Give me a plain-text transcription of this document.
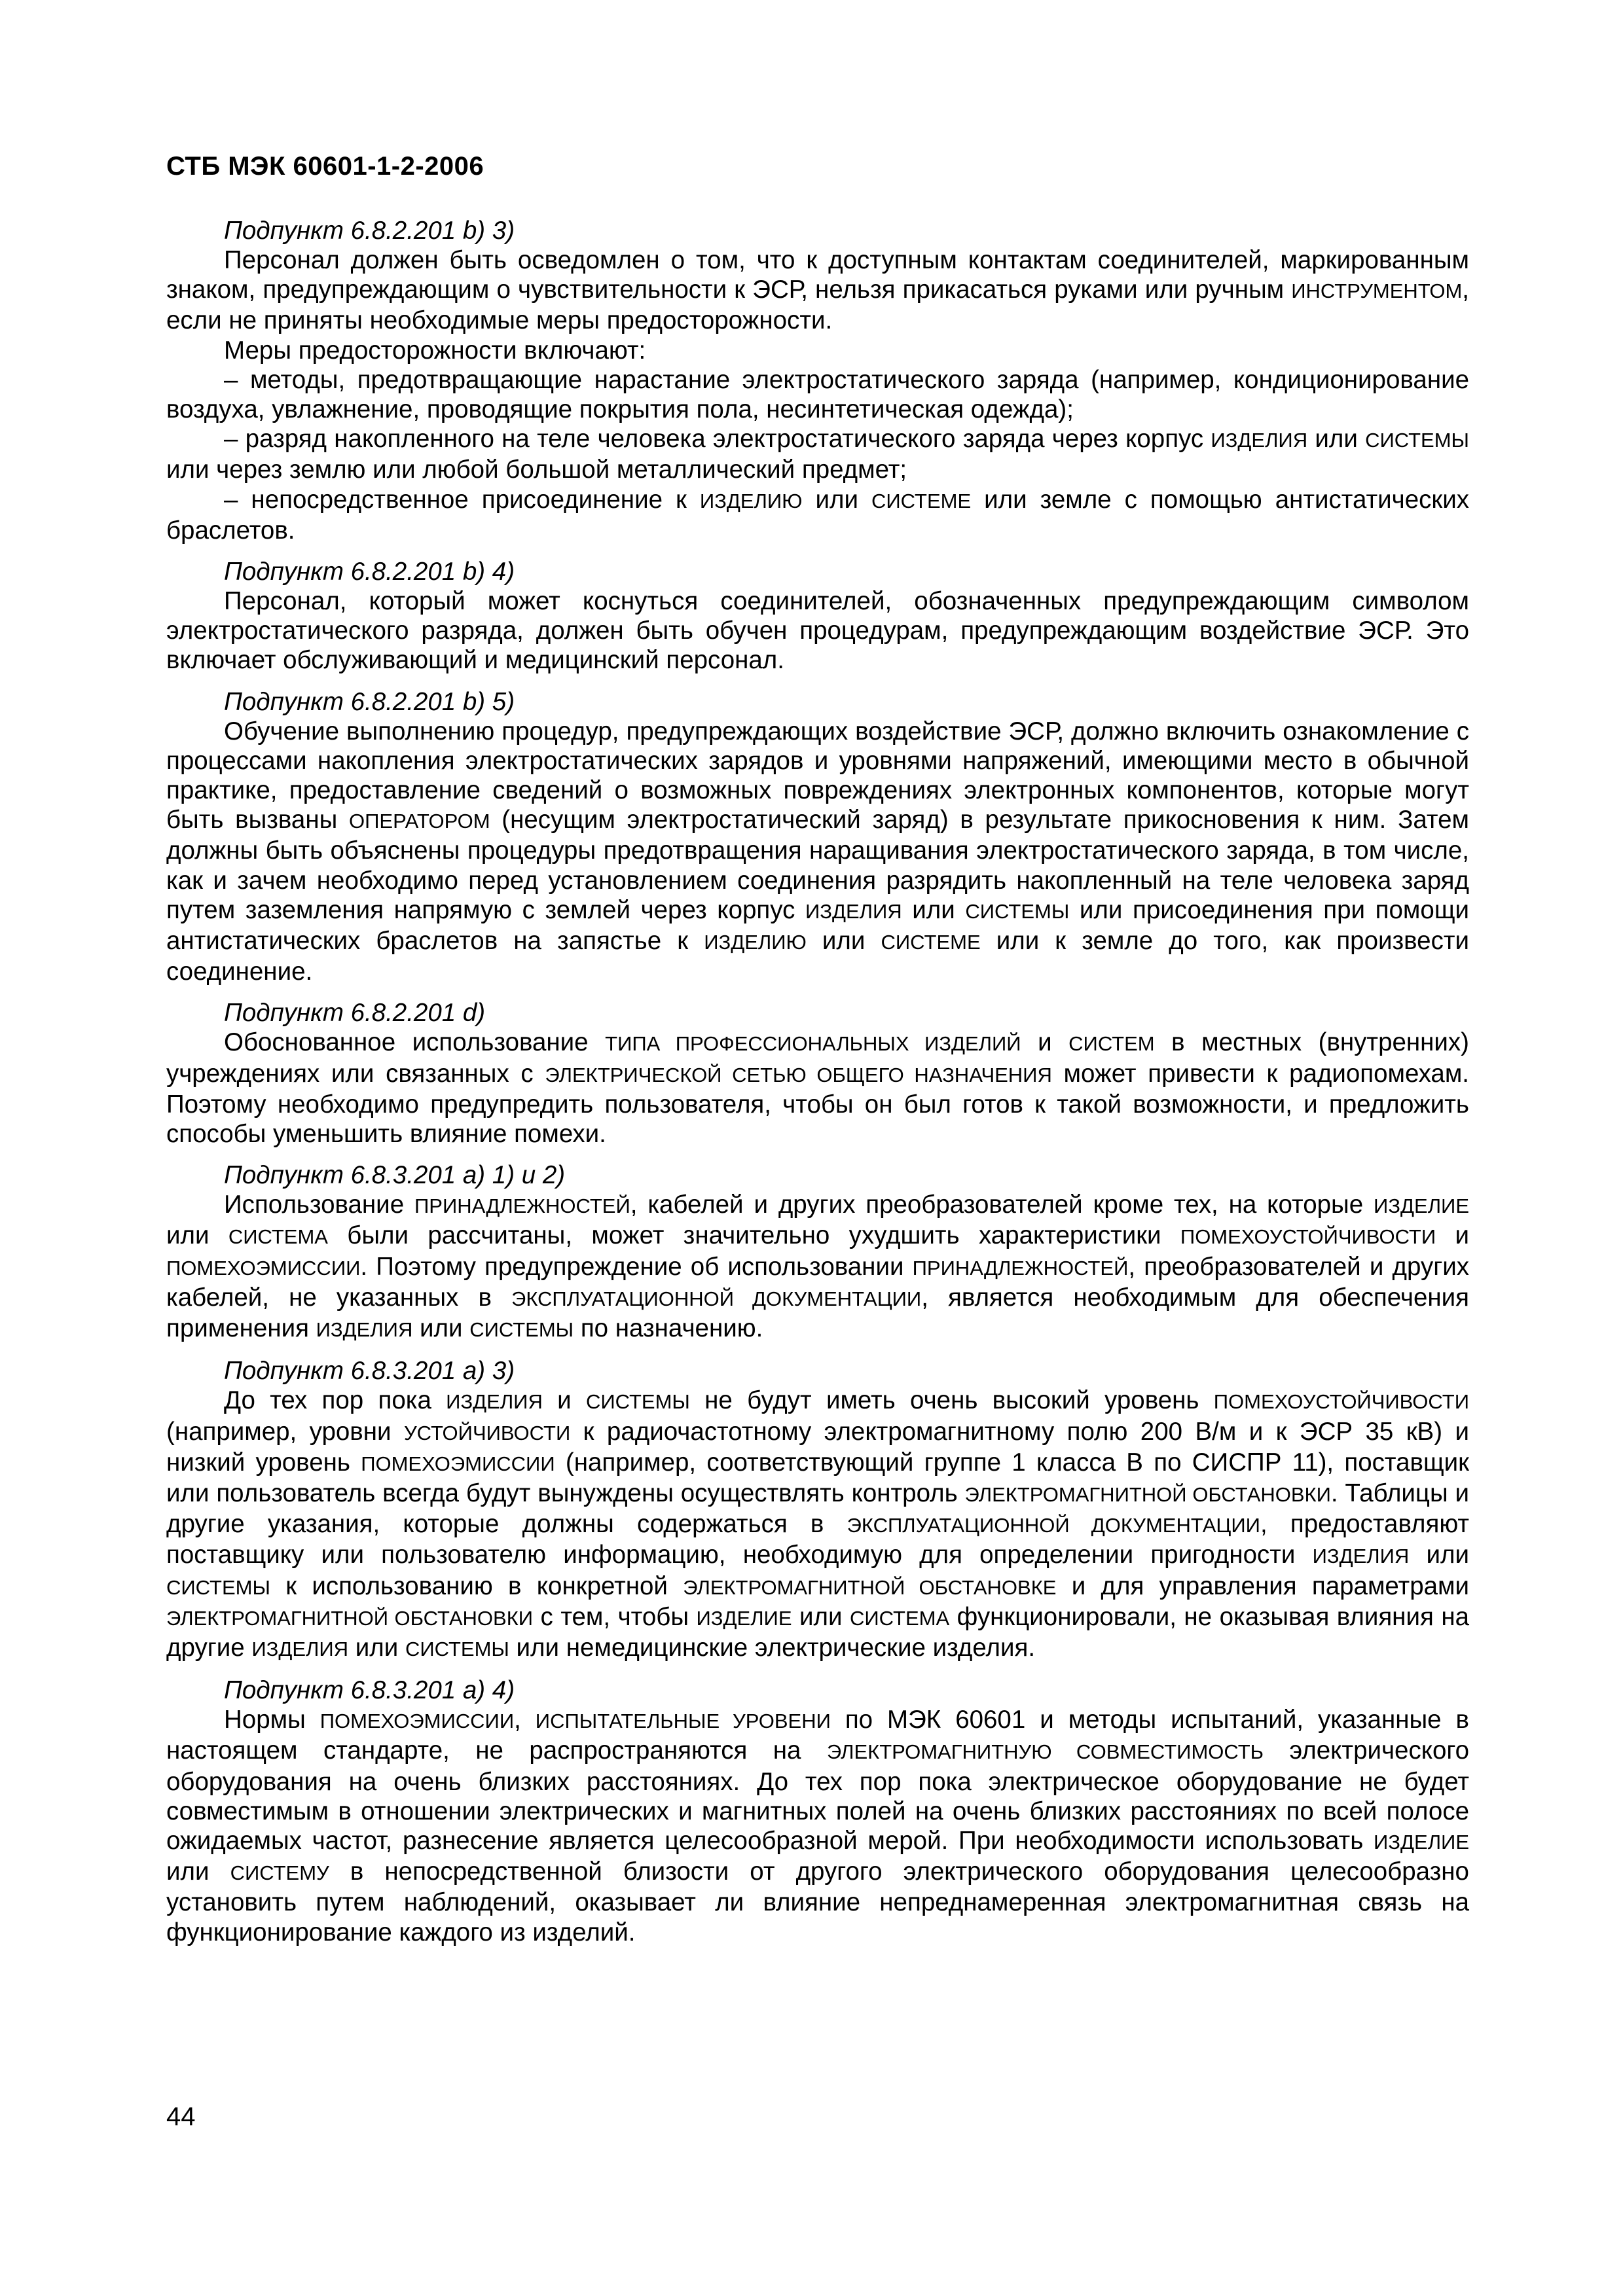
СТБ МЭК 60601-1-2-2006
Подпункт 6.8.2.201 b) 3)

Персонал должен быть осведомлен о том, что к доступным контактам соединителей, маркированным знаком, предупреждающим о чувствительности к ЭСР, нельзя прикасаться руками или ручным ИНСТРУМЕНТОМ, если не приняты необходимые меры предосторожности.

Меры предосторожности включают:

– методы, предотвращающие нарастание электростатического заряда (например, кондиционирование воздуха, увлажнение, проводящие покрытия пола, несинтетическая одежда);

– разряд накопленного на теле человека электростатического заряда через корпус ИЗДЕЛИЯ или СИСТЕМЫ или через землю или любой большой металлический предмет;

– непосредственное присоединение к ИЗДЕЛИЮ или СИСТЕМЕ или земле с помощью антистатических браслетов.

Подпункт 6.8.2.201 b) 4)

Персонал, который может коснуться соединителей, обозначенных предупреждающим символом электростатического разряда, должен быть обучен процедурам, предупреждающим воздействие ЭСР. Это включает обслуживающий и медицинский персонал.

Подпункт 6.8.2.201 b) 5)

Обучение выполнению процедур, предупреждающих воздействие ЭСР, должно включить ознакомление с процессами накопления электростатических зарядов и уровнями напряжений, имеющими место в обычной практике, предоставление сведений о возможных повреждениях электронных компонентов, которые могут быть вызваны ОПЕРАТОРОМ (несущим электростатический заряд) в результате прикосновения к ним. Затем должны быть объяснены процедуры предотвращения наращивания электростатического заряда, в том числе, как и зачем необходимо перед установлением соединения разрядить накопленный на теле человека заряд путем заземления напрямую с землей через корпус ИЗДЕЛИЯ или СИСТЕМЫ или присоединения при помощи антистатических браслетов на запястье к ИЗДЕЛИЮ или СИСТЕМЕ или к земле до того, как произвести соединение.

Подпункт 6.8.2.201 d)

Обоснованное использование ТИПА ПРОФЕССИОНАЛЬНЫХ ИЗДЕЛИЙ и СИСТЕМ в местных (внутренних) учреждениях или связанных с ЭЛЕКТРИЧЕСКОЙ СЕТЬЮ ОБЩЕГО НАЗНАЧЕНИЯ может привести к радиопомехам. Поэтому необходимо предупредить пользователя, чтобы он был готов к такой возможности, и предложить способы уменьшить влияние помехи.

Подпункт 6.8.3.201 a) 1) и 2)

Использование ПРИНАДЛЕЖНОСТЕЙ, кабелей и других преобразователей кроме тех, на которые ИЗДЕЛИЕ или СИСТЕМА были рассчитаны, может значительно ухудшить характеристики ПОМЕХОУСТОЙЧИВОСТИ и ПОМЕХОЭМИССИИ. Поэтому предупреждение об использовании ПРИНАДЛЕЖНОСТЕЙ, преобразователей и других кабелей, не указанных в ЭКСПЛУАТАЦИОННОЙ ДОКУМЕНТАЦИИ, является необходимым для обеспечения применения ИЗДЕЛИЯ или СИСТЕМЫ по назначению.

Подпункт 6.8.3.201 a) 3)

До тех пор пока ИЗДЕЛИЯ и СИСТЕМЫ не будут иметь очень высокий уровень ПОМЕХОУСТОЙЧИВОСТИ (например, уровни УСТОЙЧИВОСТИ к радиочастотному электромагнитному полю 200 В/м и к ЭСР 35 кВ) и низкий уровень ПОМЕХОЭМИССИИ (например, соответствующий группе 1 класса В по СИСПР 11), поставщик или пользователь всегда будут вынуждены осуществлять контроль ЭЛЕКТРОМАГНИТНОЙ ОБСТАНОВКИ. Таблицы и другие указания, которые должны содержаться в ЭКСПЛУАТАЦИОННОЙ ДОКУМЕНТАЦИИ, предоставляют поставщику или пользователю информацию, необходимую для определении пригодности ИЗДЕЛИЯ или СИСТЕМЫ к использованию в конкретной ЭЛЕКТРОМАГНИТНОЙ ОБСТАНОВКЕ и для управления параметрами ЭЛЕКТРОМАГНИТНОЙ ОБСТАНОВКИ с тем, чтобы ИЗДЕЛИЕ или СИСТЕМА функционировали, не оказывая влияния на другие ИЗДЕЛИЯ или СИСТЕМЫ или немедицинские электрические изделия.

Подпункт 6.8.3.201 a) 4)

Нормы ПОМЕХОЭМИССИИ, ИСПЫТАТЕЛЬНЫЕ УРОВЕНИ по МЭК 60601 и методы испытаний, указанные в настоящем стандарте, не распространяются на ЭЛЕКТРОМАГНИТНУЮ СОВМЕСТИМОСТЬ электрического оборудования на очень близких расстояниях. До тех пор пока электрическое оборудование не будет совместимым в отношении электрических и магнитных полей на очень близких расстояниях по всей полосе ожидаемых частот, разнесение является целесообразной мерой. При необходимости использовать ИЗДЕЛИЕ или СИСТЕМУ в непосредственной близости от другого электрического оборудования целесообразно установить путем наблюдений, оказывает ли влияние непреднамеренная электромагнитная связь на функционирование каждого из изделий.

44
